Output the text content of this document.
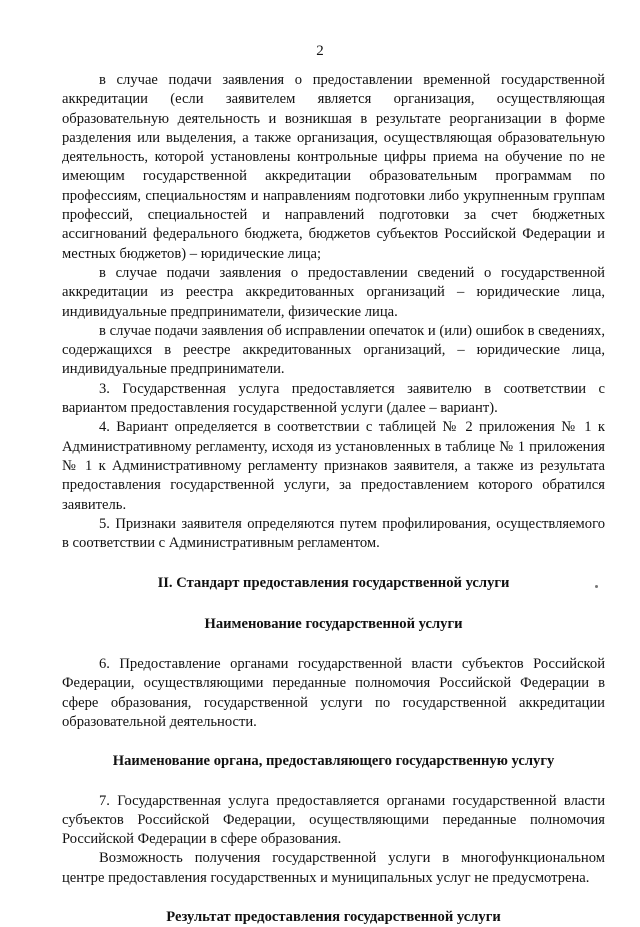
2

в случае подачи заявления о предоставлении временной государственной аккредитации (если заявителем является организация, осуществляющая образовательную деятельность и возникшая в результате реорганизации в форме разделения или выделения, а также организация, осуществляющая образовательную деятельность, которой установлены контрольные цифры приема на обучение по не имеющим государственной аккредитации образовательным программам по профессиям, специальностям и направлениям подготовки либо укрупненным группам профессий, специальностей и направлений подготовки за счет бюджетных ассигнований федерального бюджета, бюджетов субъектов Российской Федерации и местных бюджетов) – юридические лица;

в случае подачи заявления о предоставлении сведений о государственной аккредитации из реестра аккредитованных организаций – юридические лица, индивидуальные предприниматели, физические лица.

в случае подачи заявления об исправлении опечаток и (или) ошибок в сведениях, содержащихся в реестре аккредитованных организаций, – юридические лица, индивидуальные предприниматели.

3. Государственная услуга предоставляется заявителю в соответствии с вариантом предоставления государственной услуги (далее – вариант).

4. Вариант определяется в соответствии с таблицей № 2 приложения № 1 к Административному регламенту, исходя из установленных в таблице № 1 приложения № 1 к Административному регламенту признаков заявителя, а также из результата предоставления государственной услуги, за предоставлением которого обратился заявитель.

5. Признаки заявителя определяются путем профилирования, осуществляемого в соответствии с Административным регламентом.

II. Стандарт предоставления государственной услуги

Наименование государственной услуги

6. Предоставление органами государственной власти субъектов Российской Федерации, осуществляющими переданные полномочия Российской Федерации в сфере образования, государственной услуги по государственной аккредитации образовательной деятельности.

Наименование органа, предоставляющего государственную услугу

7. Государственная услуга предоставляется органами государственной власти субъектов Российской Федерации, осуществляющими переданные полномочия Российской Федерации в сфере образования.

Возможность получения государственной услуги в многофункциональном центре предоставления государственных и муниципальных услуг не предусмотрена.

Результат предоставления государственной услуги
